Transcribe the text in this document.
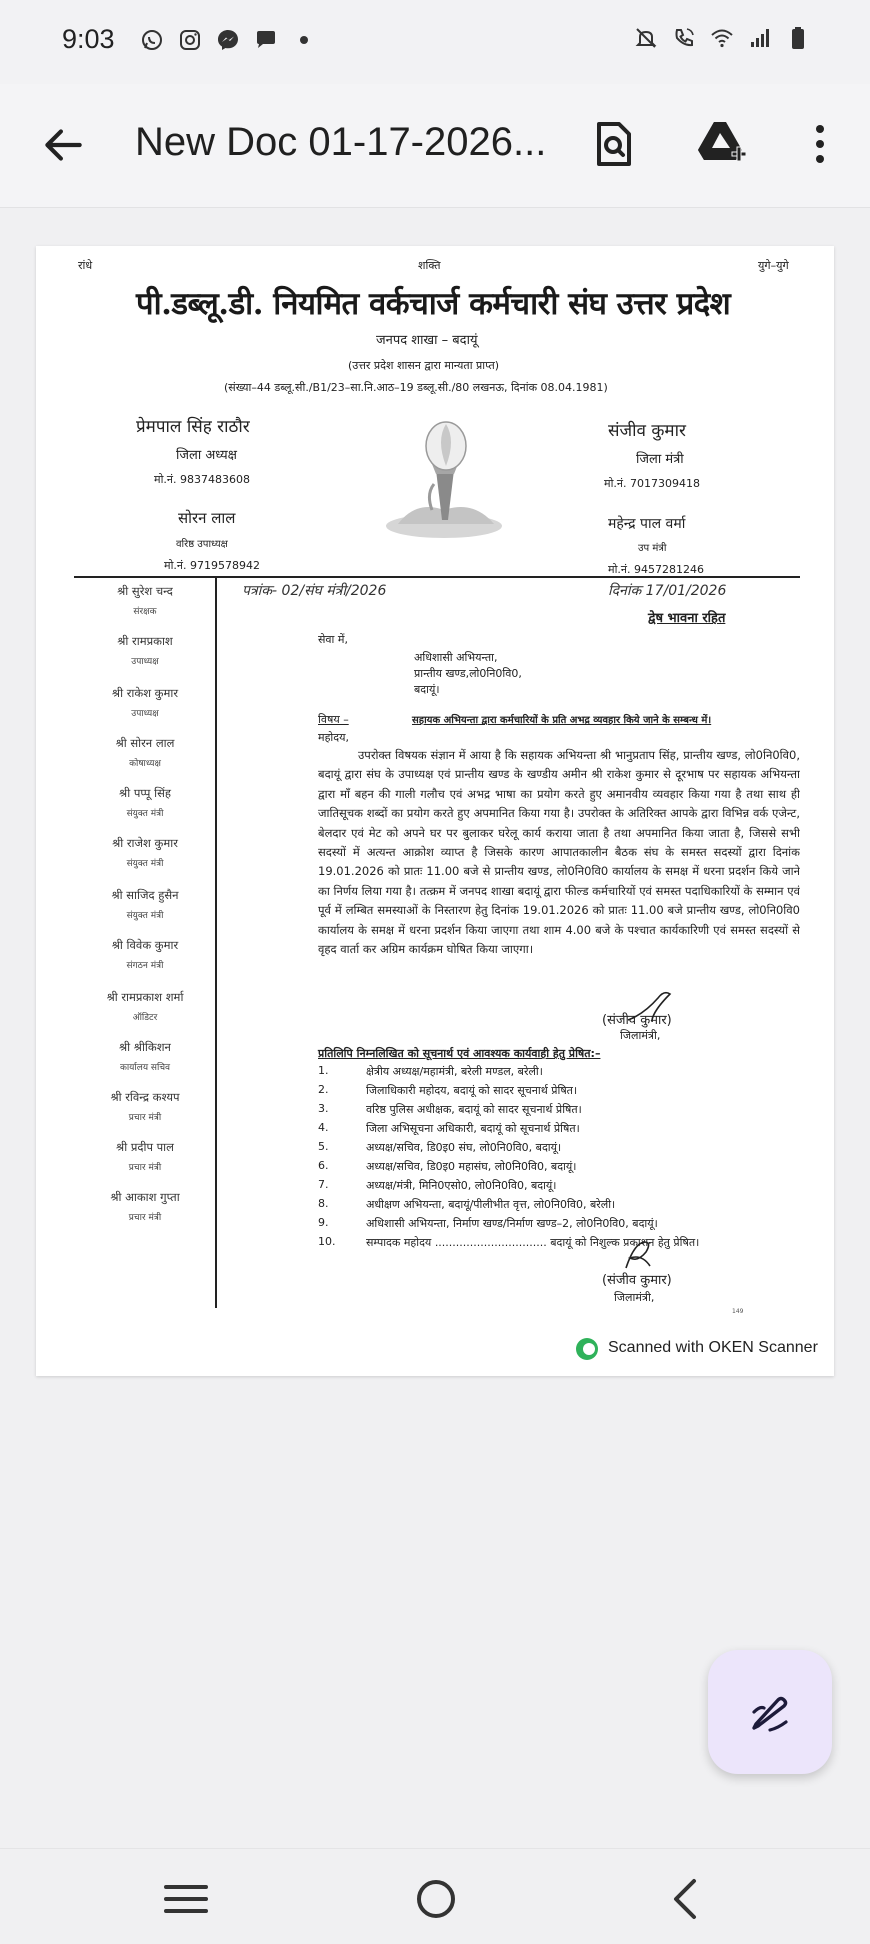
9:03
New Doc 01-17-2026...
रांधे	शक्ति	युगे–युगे
पी.डब्लू.डी. नियमित वर्कचार्ज कर्मचारी संघ उत्तर प्रदेश
जनपद शाखा – बदायूं
(उत्तर प्रदेश शासन द्वारा मान्यता प्राप्त)
(संख्या–44 डब्लू.सी./B1/23–सा.नि.आठ–19 डब्लू.सी./80 लखनऊ, दिनांक 08.04.1981)
प्रेमपाल सिंह राठौर
जिला अध्यक्ष
मो.नं. 9837483608
सोरन लाल
वरिष्ठ उपाध्यक्ष
मो.नं. 9719578942
संजीव कुमार
जिला मंत्री
मो.नं. 7017309418
महेन्द्र पाल वर्मा
उप मंत्री
मो.नं. 9457281246
पत्रांक- 02/संघ मंत्री/2026	दिनांक 17/01/2026
द्वेष भावना रहित
श्री सुरेश चन्द
संरक्षक
श्री रामप्रकाश
उपाध्यक्ष
श्री राकेश कुमार
उपाध्यक्ष
श्री सोरन लाल
कोषाध्यक्ष
श्री पप्पू सिंह
संयुक्त मंत्री
श्री राजेश कुमार
संयुक्त मंत्री
श्री साजिद हुसैन
संयुक्त मंत्री
श्री विवेक कुमार
संगठन मंत्री
श्री रामप्रकाश शर्मा
ऑडिटर
श्री श्रीकिशन
कार्यालय सचिव
श्री रविन्द्र कश्यप
प्रचार मंत्री
श्री प्रदीप पाल
प्रचार मंत्री
श्री आकाश गुप्ता
प्रचार मंत्री
सेवा में,
अधिशासी अभियन्ता,
प्रान्तीय खण्ड,लो0नि0वि0,
बदायूं।
विषय –	सहायक अभियन्ता द्वारा कर्मचारियों के प्रति अभद्र व्यवहार किये जाने के सम्बन्ध में।
महोदय,
उपरोक्त विषयक संज्ञान में आया है कि सहायक अभियन्ता श्री भानुप्रताप सिंह, प्रान्तीय खण्ड, लो0नि0वि0, बदायूं द्वारा संघ के उपाध्यक्ष एवं प्रान्तीय खण्ड के खण्डीय अमीन श्री राकेश कुमार से दूरभाष पर सहायक अभियन्ता द्वारा माँ बहन की गाली गलौच एवं अभद्र भाषा का प्रयोग करते हुए अमानवीय व्यवहार किया गया है तथा साथ ही जातिसूचक शब्दों का प्रयोग करते हुए अपमानित किया गया है। उपरोक्त के अतिरिक्त आपके द्वारा विभिन्न वर्क एजेन्ट, बेलदार एवं मेट को अपने घर पर बुलाकर घरेलू कार्य कराया जाता है तथा अपमानित किया जाता है, जिससे सभी सदस्यों में अत्यन्त आक्रोश व्याप्त है जिसके कारण आपातकालीन बैठक संघ के समस्त सदस्यों द्वारा दिनांक 19.01.2026 को प्रातः 11.00 बजे से प्रान्तीय खण्ड, लो0नि0वि0 कार्यालय के समक्ष में धरना प्रदर्शन किये जाने का निर्णय लिया गया है। तत्क्रम में जनपद शाखा बदायूं द्वारा फील्ड कर्मचारियों एवं समस्त पदाधिकारियों के सम्मान एवं पूर्व में लम्बित समस्याओं के निस्तारण हेतु दिनांक 19.01.2026 को प्रातः 11.00 बजे प्रान्तीय खण्ड, लो0नि0वि0 कार्यालय के समक्ष में धरना प्रदर्शन किया जाएगा तथा शाम 4.00 बजे के पश्चात कार्यकारिणी एवं समस्त सदस्यों से वृहद वार्ता कर अग्रिम कार्यक्रम घोषित किया जाएगा।
(संजीव कुमार)
जिलामंत्री,
प्रतिलिपि निम्नलिखित को सूचनार्थ एवं आवश्यक कार्यवाही हेतु प्रेषित:–
1.	क्षेत्रीय अध्यक्ष/महामंत्री, बरेली मण्डल, बरेली।
2.	जिलाधिकारी महोदय, बदायूं को सादर सूचनार्थ प्रेषित।
3.	वरिष्ठ पुलिस अधीक्षक, बदायूं को सादर सूचनार्थ प्रेषित।
4.	जिला अभिसूचना अधिकारी, बदायूं को सूचनार्थ प्रेषित।
5.	अध्यक्ष/सचिव, डि0इ0 संघ, लो0नि0वि0, बदायूं।
6.	अध्यक्ष/सचिव, डि0इ0 महासंघ, लो0नि0वि0, बदायूं।
7.	अध्यक्ष/मंत्री, मिनि0एसो0, लो0नि0वि0, बदायूं।
8.	अधीक्षण अभियन्ता, बदायूं/पीलीभीत वृत्त, लो0नि0वि0, बरेली।
9.	अधिशासी अभियन्ता, निर्माण खण्ड/निर्माण खण्ड–2, लो0नि0वि0, बदायूं।
10.	सम्पादक महोदय ................................ बदायूं को निशुल्क प्रकाशन हेतु प्रेषित।
(संजीव कुमार)
जिलामंत्री,
149
Scanned with OKEN Scanner
